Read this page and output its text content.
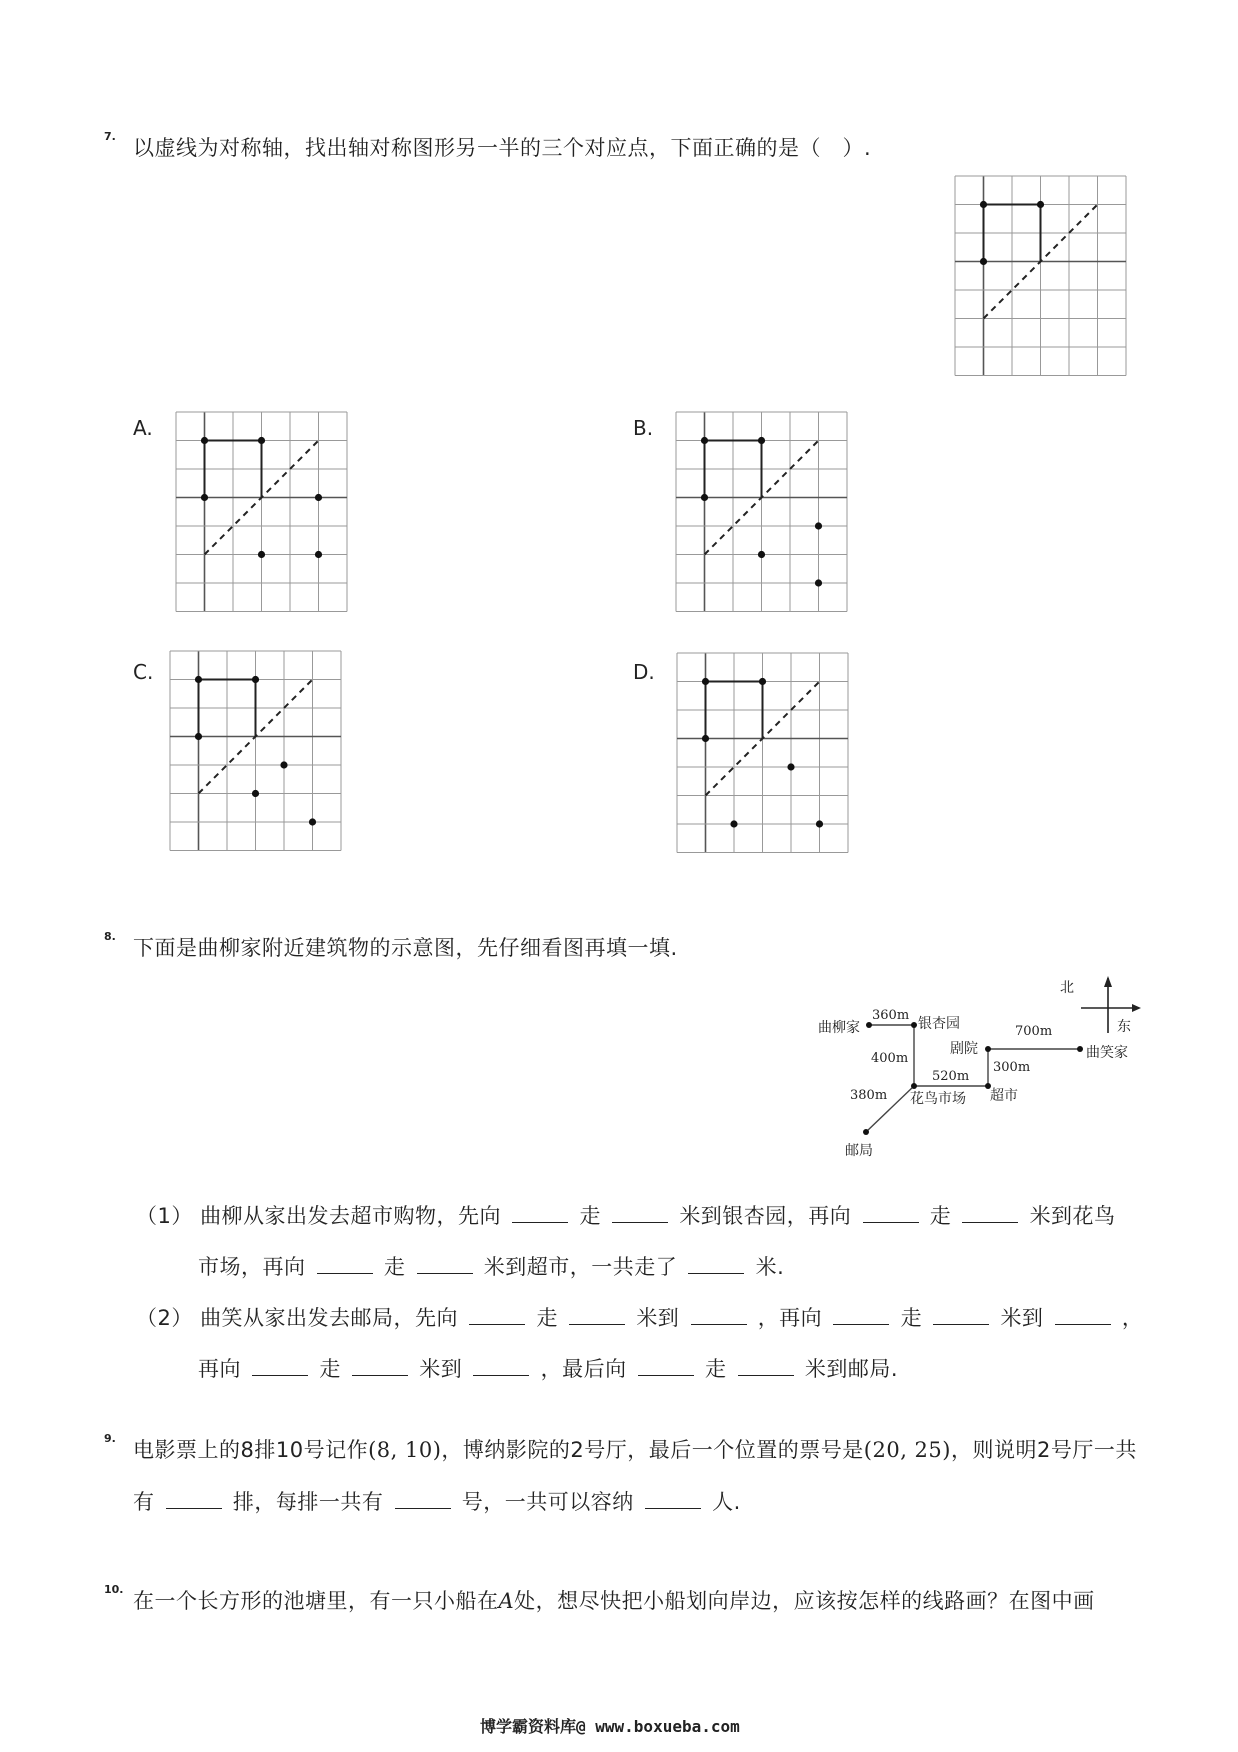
7. 以虚线为对称轴，找出轴对称图形另一半的三个对应点，下面正确的是（　）.
A.	B.
C.	D.
8. 下面是曲柳家附近建筑物的示意图，先仔细看图再填一填.
北
东
曲柳家
360m
银杏园	700m
剧院	曲笑家
400m
300m
520m
380m 花鸟市场 超市
邮局
（1） 曲柳从家出发去超市购物，先向	走	米到银杏园，再向	走	米到花鸟
市场，再向	走	米到超市，一共走了	米.
（2） 曲笑从家出发去邮局，先向	走	米到	，再向	走	米到	，
再向	走	米到	，最后向	走	米到邮局.
9. 电影票上的8排10号记作(8, 10)，博纳影院的2号厅，最后一个位置的票号是(20, 25)，则说明2号厅一共
有	排，每排一共有	号，一共可以容纳	人.
10. 在一个长方形的池塘里，有一只小船在A处，想尽快把小船划向岸边，应该按怎样的线路画？在图中画
博学霸资料库@ www.boxueba.com
